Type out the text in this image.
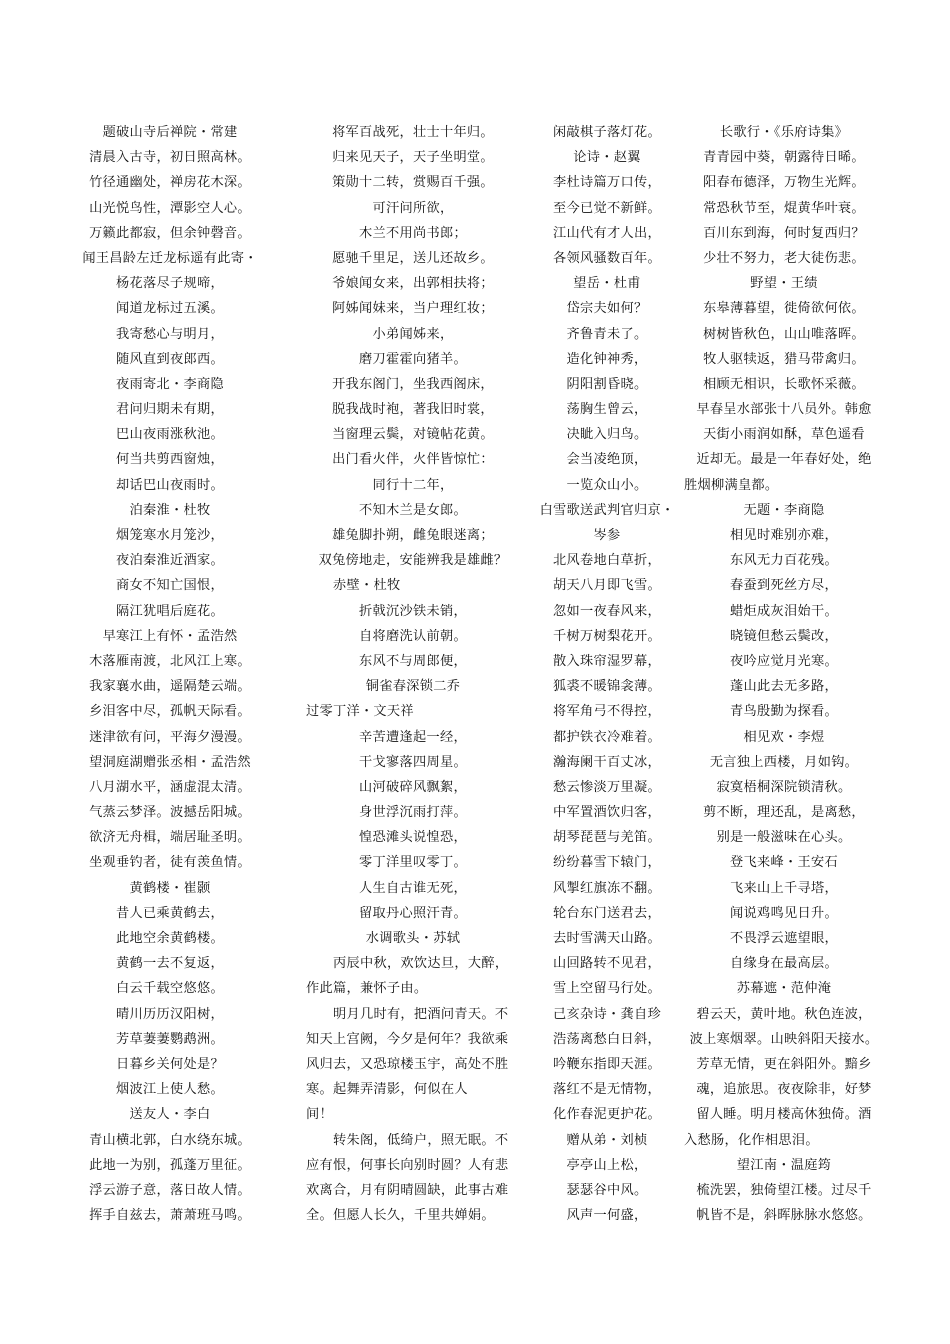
题破山寺后禅院・常建
清晨入古寺，初日照高林。
竹径通幽处，禅房花木深。
山光悦鸟性，潭影空人心。
万籁此都寂，但余钟磬音。
闻王昌龄左迁龙标遥有此寄・
杨花落尽子规啼，
闻道龙标过五溪。
我寄愁心与明月，
随风直到夜郎西。
夜雨寄北・李商隐
君问归期未有期，
巴山夜雨涨秋池。
何当共剪西窗烛，
却话巴山夜雨时。
泊秦淮・杜牧
烟笼寒水月笼沙，
夜泊秦淮近酒家。
商女不知亡国恨，
隔江犹唱后庭花。
早寒江上有怀・孟浩然
木落雁南渡，北风江上寒。
我家襄水曲，遥隔楚云端。
乡泪客中尽，孤帆天际看。
迷津欲有问，平海夕漫漫。
望洞庭湖赠张丞相・孟浩然
八月湖水平，涵虚混太清。
气蒸云梦泽。波撼岳阳城。
欲济无舟楫，端居耻圣明。
坐观垂钓者，徒有羡鱼情。
黄鹤楼・崔颢
昔人已乘黄鹤去，
此地空余黄鹤楼。
黄鹤一去不复返，
白云千载空悠悠。
晴川历历汉阳树，
芳草萋萋鹦鹉洲。
日暮乡关何处是？
烟波江上使人愁。
送友人・李白
青山横北郭，白水绕东城。
此地一为别，孤蓬万里征。
浮云游子意，落日故人情。
挥手自兹去，萧萧班马鸣。
将军百战死，壮士十年归。
归来见天子，天子坐明堂。
策勋十二转，赏赐百千强。
可汗问所欲，
木兰不用尚书郎；
愿驰千里足，送儿还故乡。
爷娘闻女来，出郭相扶将；
阿姊闻妹来，当户理红妆；
小弟闻姊来，
磨刀霍霍向猪羊。
开我东阁门，坐我西阁床，
脱我战时袍，著我旧时裳，
当窗理云鬓，对镜帖花黄。
出门看火伴，火伴皆惊忙：
同行十二年，
不知木兰是女郎。
雄兔脚扑朔，雌兔眼迷离；
双兔傍地走，安能辨我是雄雌？
赤壁・杜牧
折戟沉沙铁未销，
自将磨洗认前朝。
东风不与周郎便，
铜雀春深锁二乔
过零丁洋・文天祥
辛苦遭逢起一经，
干戈寥落四周星。
山河破碎风飘絮，
身世浮沉雨打萍。
惶恐滩头说惶恐，
零丁洋里叹零丁。
人生自古谁无死，
留取丹心照汗青。
水调歌头・苏轼
丙辰中秋，欢饮达旦，大醉，
作此篇，兼怀子由。
明月几时有，把酒问青天。不
知天上宫阙，今夕是何年？我欲乘
风归去，又恐琼楼玉宇，高处不胜
寒。起舞弄清影，何似在人
间！
转朱阁，低绮户，照无眠。不
应有恨，何事长向别时圆？人有悲
欢离合，月有阴晴圆缺，此事古难
全。但愿人长久，千里共婵娟。
闲敲棋子落灯花。
论诗・赵翼
李杜诗篇万口传，
至今已觉不新鲜。
江山代有才人出，
各领风骚数百年。
望岳・杜甫
岱宗夫如何？
齐鲁青未了。
造化钟神秀，
阴阳割昏晓。
荡胸生曾云，
决眦入归鸟。
会当凌绝顶，
一览众山小。
白雪歌送武判官归京・
岑参
北风卷地白草折，
胡天八月即飞雪。
忽如一夜春风来，
千树万树梨花开。
散入珠帘湿罗幕，
狐裘不暖锦衾薄。
将军角弓不得控，
都护铁衣冷难着。
瀚海阑干百丈冰，
愁云惨淡万里凝。
中军置酒饮归客，
胡琴琵琶与羌笛。
纷纷暮雪下辕门，
风掣红旗冻不翻。
轮台东门送君去，
去时雪满天山路。
山回路转不见君，
雪上空留马行处。
己亥杂诗・龚自珍
浩荡离愁白日斜，
吟鞭东指即天涯。
落红不是无情物，
化作春泥更护花。
赠从弟・刘桢
亭亭山上松，
瑟瑟谷中风。
风声一何盛，
长歌行・《乐府诗集》
青青园中葵，朝露待日晞。
阳春布德泽，万物生光辉。
常恐秋节至，焜黄华叶衰。
百川东到海，何时复西归？
少壮不努力，老大徒伤悲。
野望・王绩
东皋薄暮望，徙倚欲何依。
树树皆秋色，山山唯落晖。
牧人驱犊返，猎马带禽归。
相顾无相识，长歌怀采薇。
早春呈水部张十八员外。韩愈
天街小雨润如酥，草色遥看
近却无。最是一年春好处，绝
胜烟柳满皇都。
无题・李商隐
相见时难别亦难，
东风无力百花残。
春蚕到死丝方尽，
蜡炬成灰泪始干。
晓镜但愁云鬓改，
夜吟应觉月光寒。
蓬山此去无多路，
青鸟殷勤为探看。
相见欢・李煜
无言独上西楼，月如钩。
寂寞梧桐深院锁清秋。
剪不断，理还乱，是离愁，
别是一般滋味在心头。
登飞来峰・王安石
飞来山上千寻塔，
闻说鸡鸣见日升。
不畏浮云遮望眼，
自缘身在最高层。
苏幕遮・范仲淹
碧云天，黄叶地。秋色连波，
波上寒烟翠。山映斜阳天接水。
芳草无情，更在斜阳外。黯乡
魂，追旅思。夜夜除非，好梦
留人睡。明月楼高休独倚。酒
入愁肠，化作相思泪。
望江南・温庭筠
梳洗罢，独倚望江楼。过尽千
帆皆不是，斜晖脉脉水悠悠。
